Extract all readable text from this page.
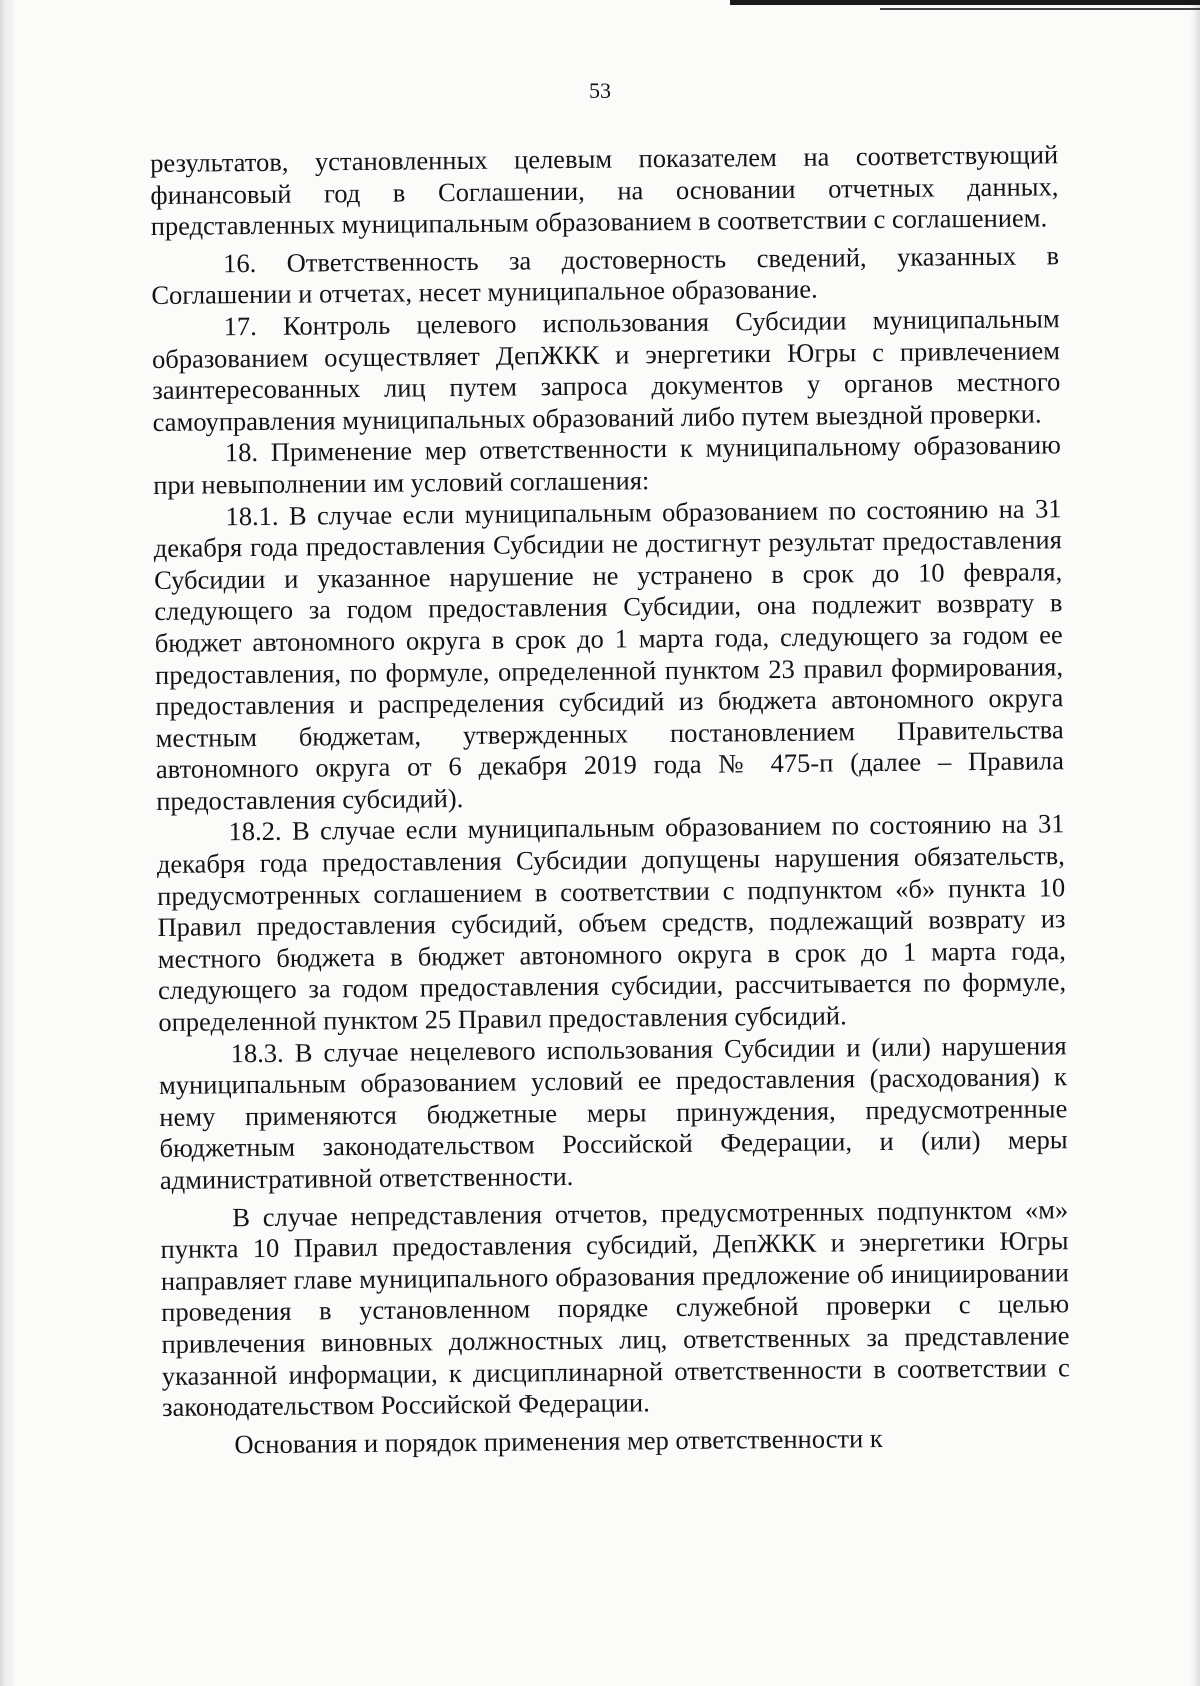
53

результатов, установленных целевым показателем на соответствующий финансовый год в Соглашении, на основании отчетных данных, представленных муниципальным образованием в соответствии с соглашением.

16. Ответственность за достоверность сведений, указанных в Соглашении и отчетах, несет муниципальное образование.

17. Контроль целевого использования Субсидии муниципальным образованием осуществляет ДепЖКК и энергетики Югры с привлечением заинтересованных лиц путем запроса документов у органов местного самоуправления муниципальных образований либо путем выездной проверки.

18. Применение мер ответственности к муниципальному образованию при невыполнении им условий соглашения:

18.1. В случае если муниципальным образованием по состоянию на 31 декабря года предоставления Субсидии не достигнут результат предоставления Субсидии и указанное нарушение не устранено в срок до 10 февраля, следующего за годом предоставления Субсидии, она подлежит возврату в бюджет автономного округа в срок до 1 марта года, следующего за годом ее предоставления, по формуле, определенной пунктом 23 правил формирования, предоставления и распределения субсидий из бюджета автономного округа местным бюджетам, утвержденных постановлением Правительства автономного округа от 6 декабря 2019 года № 475-п (далее – Правила предоставления субсидий).

18.2. В случае если муниципальным образованием по состоянию на 31 декабря года предоставления Субсидии допущены нарушения обязательств, предусмотренных соглашением в соответствии с подпунктом «б» пункта 10 Правил предоставления субсидий, объем средств, подлежащий возврату из местного бюджета в бюджет автономного округа в срок до 1 марта года, следующего за годом предоставления субсидии, рассчитывается по формуле, определенной пунктом 25 Правил предоставления субсидий.

18.3. В случае нецелевого использования Субсидии и (или) нарушения муниципальным образованием условий ее предоставления (расходования) к нему применяются бюджетные меры принуждения, предусмотренные бюджетным законодательством Российской Федерации, и (или) меры административной ответственности.

В случае непредставления отчетов, предусмотренных подпунктом «м» пункта 10 Правил предоставления субсидий, ДепЖКК и энергетики Югры направляет главе муниципального образования предложение об инициировании проведения в установленном порядке служебной проверки с целью привлечения виновных должностных лиц, ответственных за представление указанной информации, к дисциплинарной ответственности в соответствии с законодательством Российской Федерации.

Основания и порядок применения мер ответственности к
